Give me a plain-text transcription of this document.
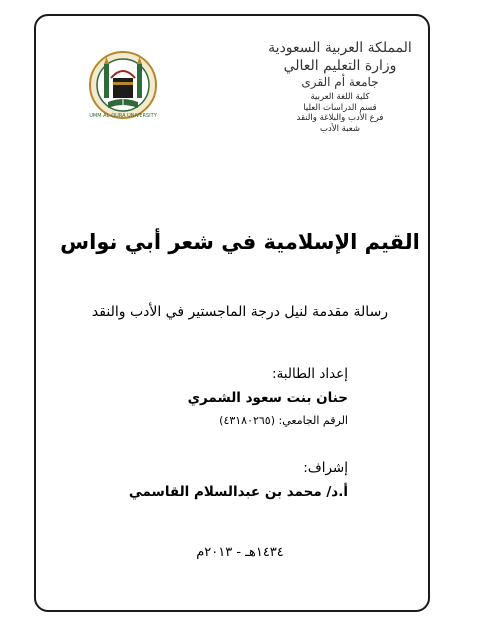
UMM AL-QURA UNIVERSITY
المملكة العربية السعودية
وزارة التعليم العالي
جامعة أم القرى
كلية اللغة العربية
قسم الدراسات العليا
فرع الأدب والبلاغة والنقد
شعبة الأدب
القيم الإسلامية في شعر أبي نواس
رسالة مقدمة لنيل درجة الماجستير في الأدب والنقد
إعداد الطالبة:
حنان بنت سعود الشمري
الرقم الجامعي: (٤٣١٨٠٢٦٥)
إشراف:
أ.د/ محمد بن عبدالسلام القاسمي
١٤٣٤هـ - ٢٠١٣م
